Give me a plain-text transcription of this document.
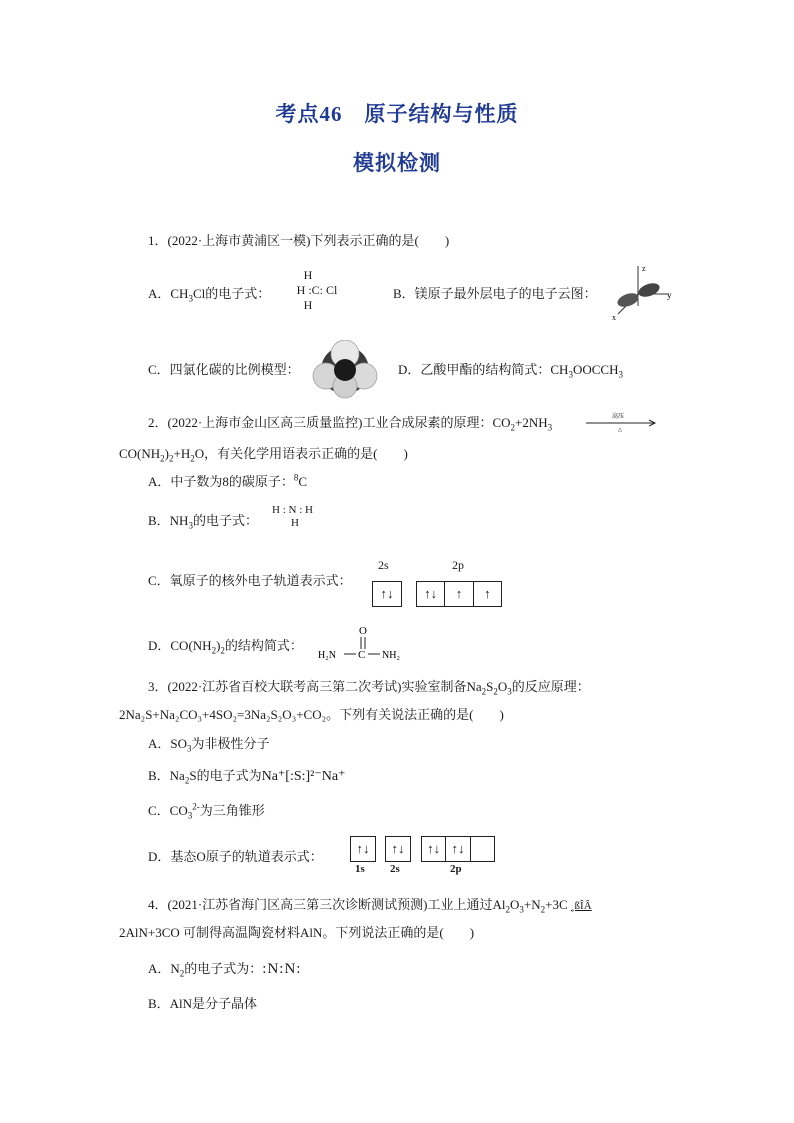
考点46　原子结构与性质
模拟检测
1．(2022·上海市黄浦区一模)下列表示正确的是(　　)
A．$CH_3Cl$的电子式：
H
H :C: Cl
H
B．镁原子最外层电子的电子云图：
z
y
x
C．四氯化碳的比例模型：	D．乙酸甲酯的结构简式：$CH_3OOCCH_3$
2．(2022·上海市金山区高三质量监控)工业合成尿素的原理：$CO_2+2NH_3$
高压
△
$CO(NH_2)_2+H_2O$，有关化学用语表示正确的是(　　)
A．中子数为8的碳原子：$^8$C
B．$NH_3$的电子式：
H : N : H
H
C．氧原子的核外电子轨道表示式：
2s	2p
↑↓	↑↓	↑	↑
D．$CO(NH_2)_2$的结构简式：
O
H₂N C NH₂
3．(2022·江苏省百校大联考高三第二次考试)实验室制备$Na_2S_2O_3$的反应原理：
2Na₂S+Na₂CO₃+4SO₂=3Na₂S₂O₃+CO₂。下列有关说法正确的是(　　)
A．$SO_3$为非极性分子
B．$Na_2S$的电子式为Na⁺[:S:]²⁻Na⁺
C．$CO_3^{2-}$为三角锥形
D．基态O原子的轨道表示式：
↑↓	↑↓	↑↓ ↑↓
1s 2s	2p
4．(2021·江苏省海门区高三第三次诊断测试预测)工业上通过$Al_2O_3+N_2+3C$ ¸ßÎÂ
2AlN+3CO 可制得高温陶瓷材料AlN。下列说法正确的是(　　)
A．$N_2$的电子式为：:N:N:
B．AlN是分子晶体
